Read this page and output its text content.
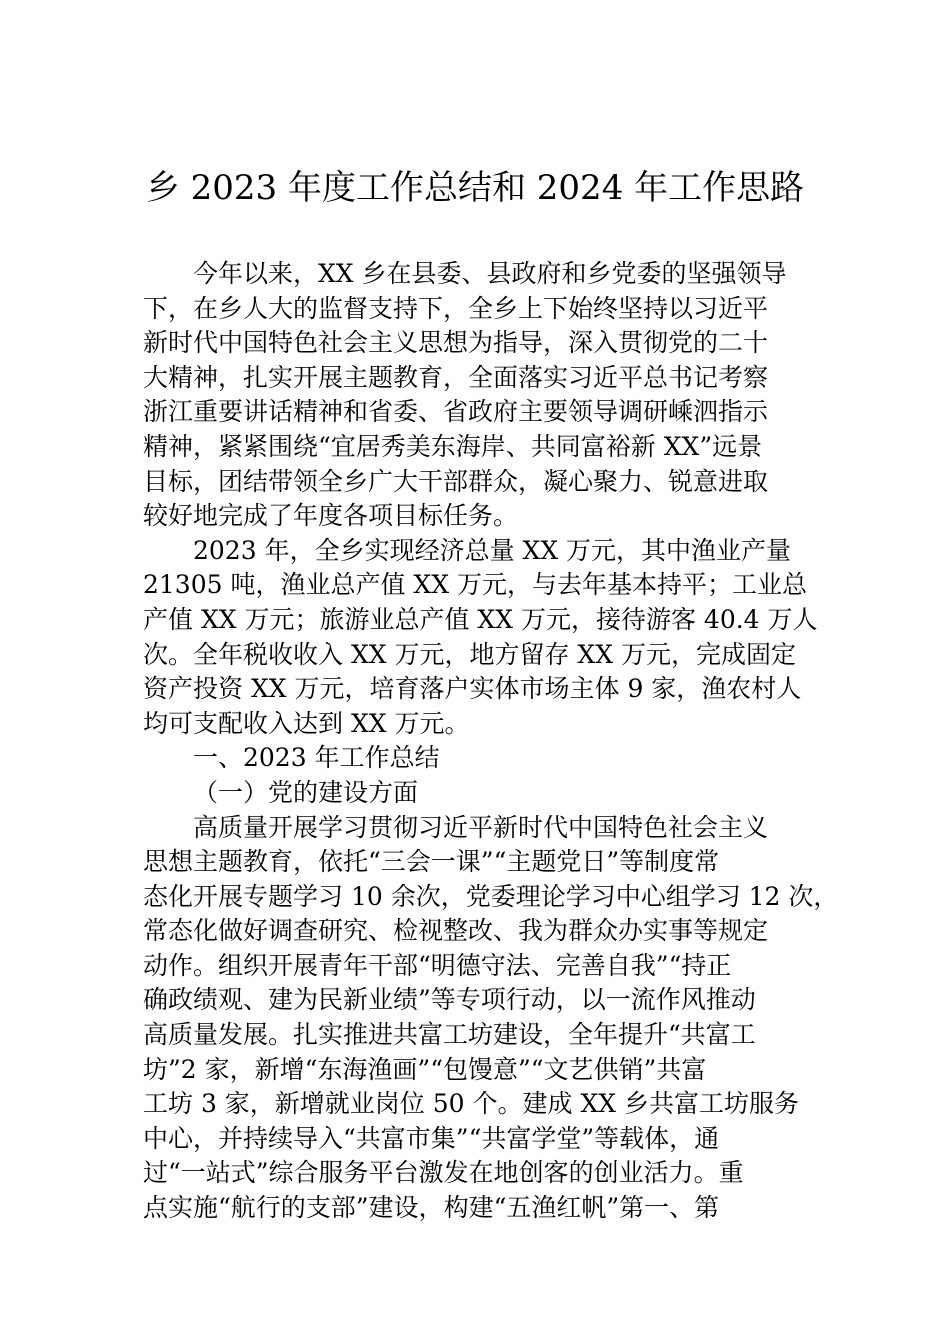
乡 2023 年度工作总结和 2024 年工作思路
今年以来，XX 乡在县委、县政府和乡党委的坚强领导
下，在乡人大的监督支持下，全乡上下始终坚持以习近平
新时代中国特色社会主义思想为指导，深入贯彻党的二十
大精神，扎实开展主题教育，全面落实习近平总书记考察
浙江重要讲话精神和省委、省政府主要领导调研嵊泗指示
精神，紧紧围绕“宜居秀美东海岸、共同富裕新 XX”远景
目标，团结带领全乡广大干部群众，凝心聚力、锐意进取
较好地完成了年度各项目标任务。
2023 年，全乡实现经济总量 XX 万元，其中渔业产量
21305 吨，渔业总产值 XX 万元，与去年基本持平；工业总
产值 XX 万元；旅游业总产值 XX 万元，接待游客 40.4 万人
次。全年税收收入 XX 万元，地方留存 XX 万元，完成固定
资产投资 XX 万元，培育落户实体市场主体 9 家，渔农村人
均可支配收入达到 XX 万元。
一、2023 年工作总结
（一）党的建设方面
高质量开展学习贯彻习近平新时代中国特色社会主义
思想主题教育，依托“三会一课”“主题党日”等制度常
态化开展专题学习 10 余次，党委理论学习中心组学习 12 次，
常态化做好调查研究、检视整改、我为群众办实事等规定
动作。组织开展青年干部“明德守法、完善自我”“持正
确政绩观、建为民新业绩”等专项行动，以一流作风推动
高质量发展。扎实推进共富工坊建设，全年提升“共富工
坊”2 家，新增“东海渔画”“包馒意”“文艺供销”共富
工坊 3 家，新增就业岗位 50 个。建成 XX 乡共富工坊服务
中心，并持续导入“共富市集”“共富学堂”等载体，通
过“一站式”综合服务平台激发在地创客的创业活力。重
点实施“航行的支部”建设，构建“五渔红帆”第一、第
